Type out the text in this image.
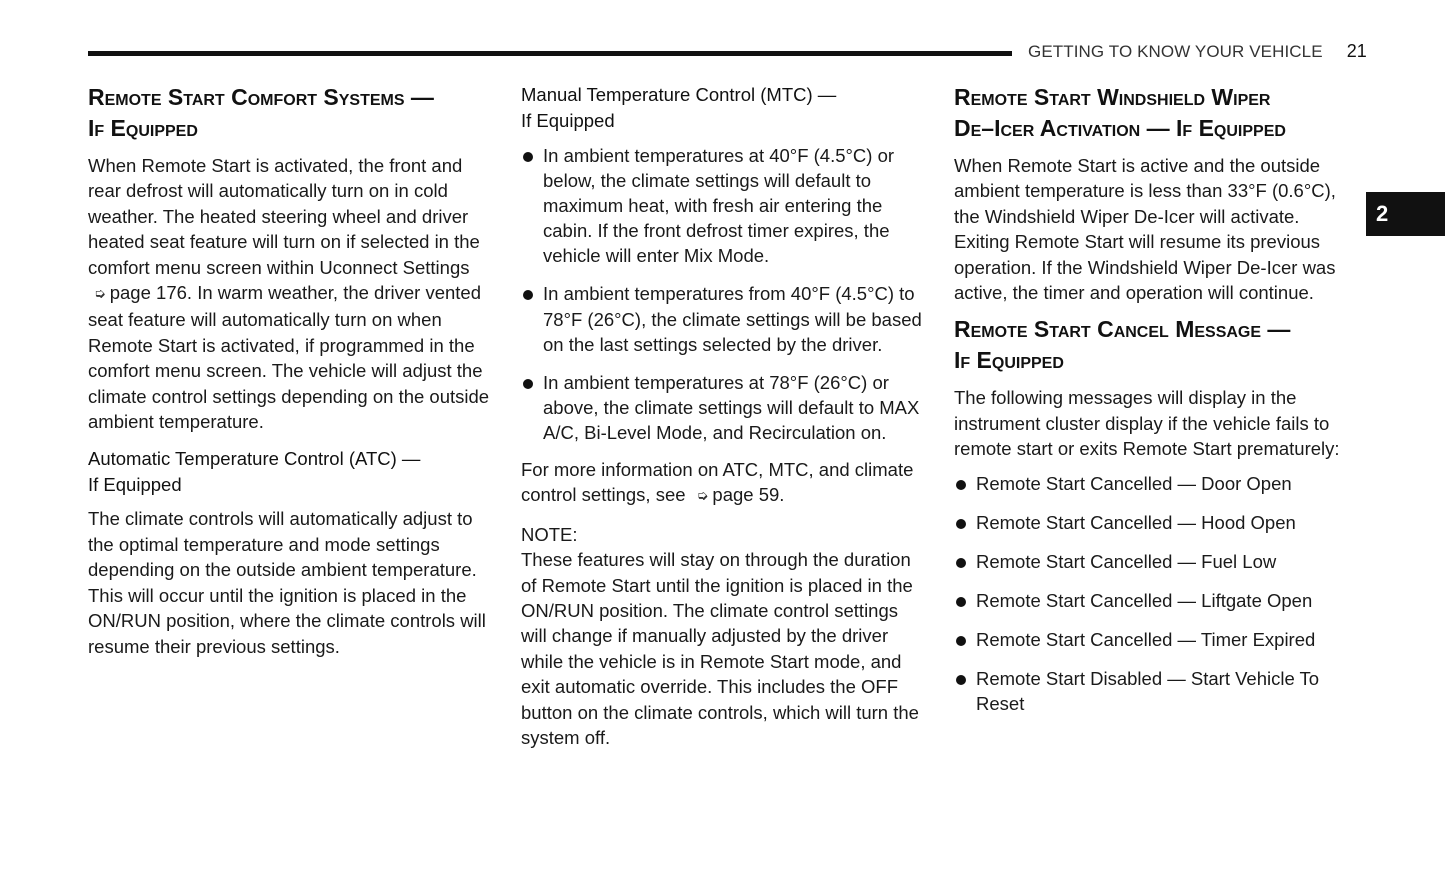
GETTING TO KNOW YOUR VEHICLE 21
2
Remote Start Comfort Systems —
If Equipped

When Remote Start is activated, the front and rear defrost will automatically turn on in cold weather. The heated steering wheel and driver heated seat feature will turn on if selected in the comfort menu screen within Uconnect Settings ➭ page 176. In warm weather, the driver vented seat feature will automatically turn on when Remote Start is activated, if programmed in the comfort menu screen. The vehicle will adjust the climate control settings depending on the outside ambient temperature.

Automatic Temperature Control (ATC) —
If Equipped

The climate controls will automatically adjust to the optimal temperature and mode settings depending on the outside ambient temperature. This will occur until the ignition is placed in the ON/RUN position, where the climate controls will resume their previous settings.

Manual Temperature Control (MTC) —
If Equipped
In ambient temperatures at 40°F (4.5°C) or below, the climate settings will default to maximum heat, with fresh air entering the cabin. If the front defrost timer expires, the vehicle will enter Mix Mode.
In ambient temperatures from 40°F (4.5°C) to 78°F (26°C), the climate settings will be based on the last settings selected by the driver.
In ambient temperatures at 78°F (26°C) or above, the climate settings will default to MAX A/C, Bi-Level Mode, and Recirculation on.

For more information on ATC, MTC, and climate control settings, see ➭ page 59.

NOTE:

These features will stay on through the duration of Remote Start until the ignition is placed in the ON/RUN position. The climate control settings will change if manually adjusted by the driver while the vehicle is in Remote Start mode, and exit automatic override. This includes the OFF button on the climate controls, which will turn the system off.

Remote Start Windshield Wiper
De–Icer Activation — If Equipped

When Remote Start is active and the outside ambient temperature is less than 33°F (0.6°C), the Windshield Wiper De-Icer will activate. Exiting Remote Start will resume its previous operation. If the Windshield Wiper De-Icer was active, the timer and operation will continue.

Remote Start Cancel Message —
If Equipped

The following messages will display in the instrument cluster display if the vehicle fails to remote start or exits Remote Start prematurely:

Remote Start Cancelled — Door Open
Remote Start Cancelled — Hood Open
Remote Start Cancelled — Fuel Low
Remote Start Cancelled — Liftgate Open
Remote Start Cancelled — Timer Expired
Remote Start Disabled — Start Vehicle To Reset
